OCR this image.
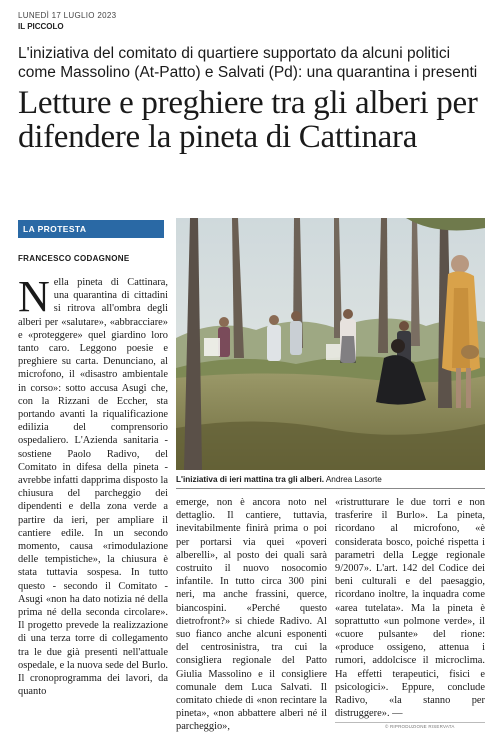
LUNEDÌ 17 LUGLIO 2023
IL PICCOLO
L'iniziativa del comitato di quartiere supportato da alcuni politici come Massolino (At-Patto) e Salvati (Pd): una quarantina i presenti
Letture e preghiere tra gli alberi per difendere la pineta di Cattinara
LA PROTESTA
FRANCESCO CODAGNONE
Nella pineta di Cattinara, una quarantina di cittadini si ritrova all'ombra degli alberi per «salutare», «abbracciare» e «proteggere» quel giardino loro tanto caro. Leggono poesie e preghiere su carta. Denunciano, al microfono, il «disastro ambientale in corso»: sotto accusa Asugi che, con la Rizzani de Eccher, sta portando avanti la riqualificazione edilizia del comprensorio ospedaliero. L'Azienda sanitaria - sostiene Paolo Radivo, del Comitato in difesa della pineta - avrebbe infatti dapprima disposto la chiusura del parcheggio dei dipendenti e della zona verde a partire da ieri, per ampliare il cantiere edile. In un secondo momento, causa «rimodulazione delle tempistiche», la chiusura è stata tuttavia sospesa. In tutto questo - secondo il Comitato - Asugi «non ha dato notizia né della prima né della seconda circolare». Il progetto prevede la realizzazione di una terza torre di collegamento tra le due già presenti nell'attuale ospedale, e la nuova sede del Burlo. Il cronoprogramma dei lavori, da quanto
L'iniziativa di ieri mattina tra gli alberi. Andrea Lasorte
emerge, non è ancora noto nel dettaglio. Il cantiere, tuttavia, inevitabilmente finirà prima o poi per portarsi via quei «poveri alberelli», al posto dei quali sarà costruito il nuovo nosocomio infantile. In tutto circa 300 pini neri, ma anche frassini, querce, biancospini. «Perché questo dietrofront?» si chiede Radivo. Al suo fianco anche alcuni esponenti del centrosinistra, tra cui la consigliera regionale del Patto Giulia Massolino e il consigliere comunale dem Luca Salvati. Il comitato chiede di «non recintare la pineta», «non abbattere alberi né il parcheggio»,
«ristrutturare le due torri e non trasferire il Burlo». La pineta, ricordano al microfono, «è considerata bosco, poiché rispetta i parametri della Legge regionale 9/2007». L'art. 142 del Codice dei beni culturali e del paesaggio, ricordano inoltre, la inquadra come «area tutelata». Ma la pineta è soprattutto «un polmone verde», il «cuore pulsante» del rione: «produce ossigeno, attenua i rumori, addolcisce il microclima. Ha effetti terapeutici, fisici e psicologici». Eppure, conclude Radivo, «la stanno per distruggere». —
© RIPRODUZIONE RISERVATA
